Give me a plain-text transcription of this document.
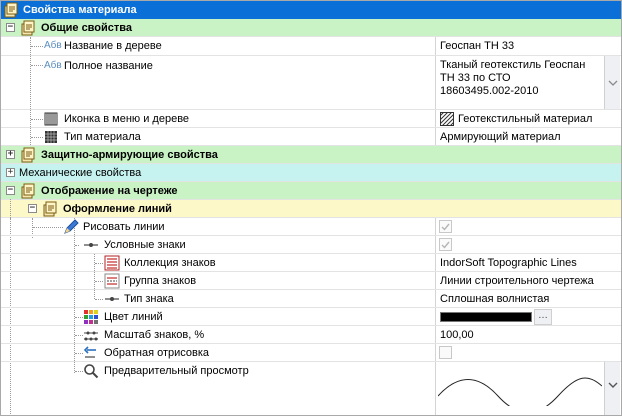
Свойства материала
−	Общие свойства
Абв Название в дереве	Геоспан ТН 33
Абв Полное название	Тканый геотекстиль Геоспан
ТН 33 по СТО
18603495.002-2010
Иконка в меню и дереве	Геотекстильный материал
Тип материала	Армирующий материал
+	Защитно-армирующие свойства
+ Механические свойства
−	Отображение на чертеже
−	Оформление линий
Рисовать линии
Условные знаки
Коллекция знаков	IndorSoft Topographic Lines
Группа знаков	Линии строительного чертежа
Тип знака	Сплошная волнистая
Цвет линий
Масштаб знаков, %	100,00
Обратная отрисовка
Предварительный просмотр
…
